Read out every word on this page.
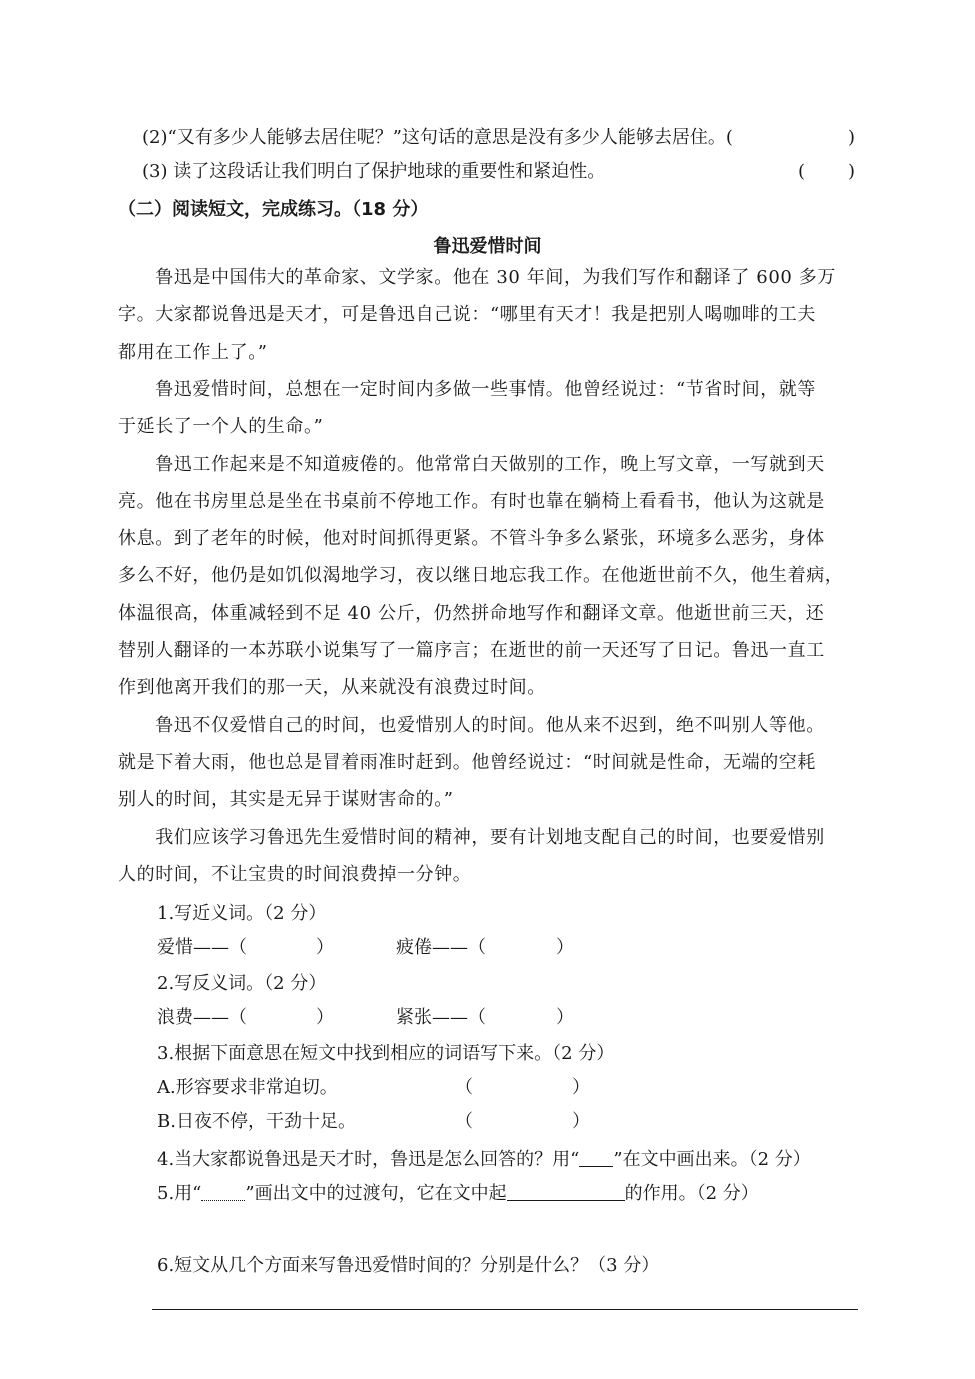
(2)“又有多少人能够去居住呢？”这句话的意思是没有多少人能够去居住。(	)
(3) 读了这段话让我们明白了保护地球的重要性和紧迫性。	( )
（二）阅读短文，完成练习。（18 分）
鲁迅爱惜时间
　　鲁迅是中国伟大的革命家、文学家。他在 30 年间，为我们写作和翻译了 600 多万
字。大家都说鲁迅是天才，可是鲁迅自己说：“哪里有天才！我是把别人喝咖啡的工夫
都用在工作上了。”
　　鲁迅爱惜时间，总想在一定时间内多做一些事情。他曾经说过：“节省时间，就等
于延长了一个人的生命。”
　　鲁迅工作起来是不知道疲倦的。他常常白天做别的工作，晚上写文章，一写就到天
亮。他在书房里总是坐在书桌前不停地工作。有时也靠在躺椅上看看书，他认为这就是
休息。到了老年的时候，他对时间抓得更紧。不管斗争多么紧张，环境多么恶劣，身体
多么不好，他仍是如饥似渴地学习，夜以继日地忘我工作。在他逝世前不久，他生着病，
体温很高，体重减轻到不足 40 公斤，仍然拼命地写作和翻译文章。他逝世前三天，还
替别人翻译的一本苏联小说集写了一篇序言；在逝世的前一天还写了日记。鲁迅一直工
作到他离开我们的那一天，从来就没有浪费过时间。
　　鲁迅不仅爱惜自己的时间，也爱惜别人的时间。他从来不迟到，绝不叫别人等他。
就是下着大雨，他也总是冒着雨准时赶到。他曾经说过：“时间就是性命，无端的空耗
别人的时间，其实是无异于谋财害命的。”
　　我们应该学习鲁迅先生爱惜时间的精神，要有计划地支配自己的时间，也要爱惜别
人的时间，不让宝贵的时间浪费掉一分钟。
1.写近义词。（2 分）
爱惜——（	）	疲倦——（	）
2.写反义词。（2 分）
浪费——（	）	紧张——（	）
3.根据下面意思在短文中找到相应的词语写下来。（2 分）
A.形容要求非常迫切。	（	）
B.日夜不停，干劲十足。	（	）
4.当大家都说鲁迅是天才时，鲁迅是怎么回答的？用“ ”在文中画出来。（2 分）
5.用“ ”画出文中的过渡句，它在文中起	的作用。（2 分）
6.短文从几个方面来写鲁迅爱惜时间的？分别是什么？（3 分）
